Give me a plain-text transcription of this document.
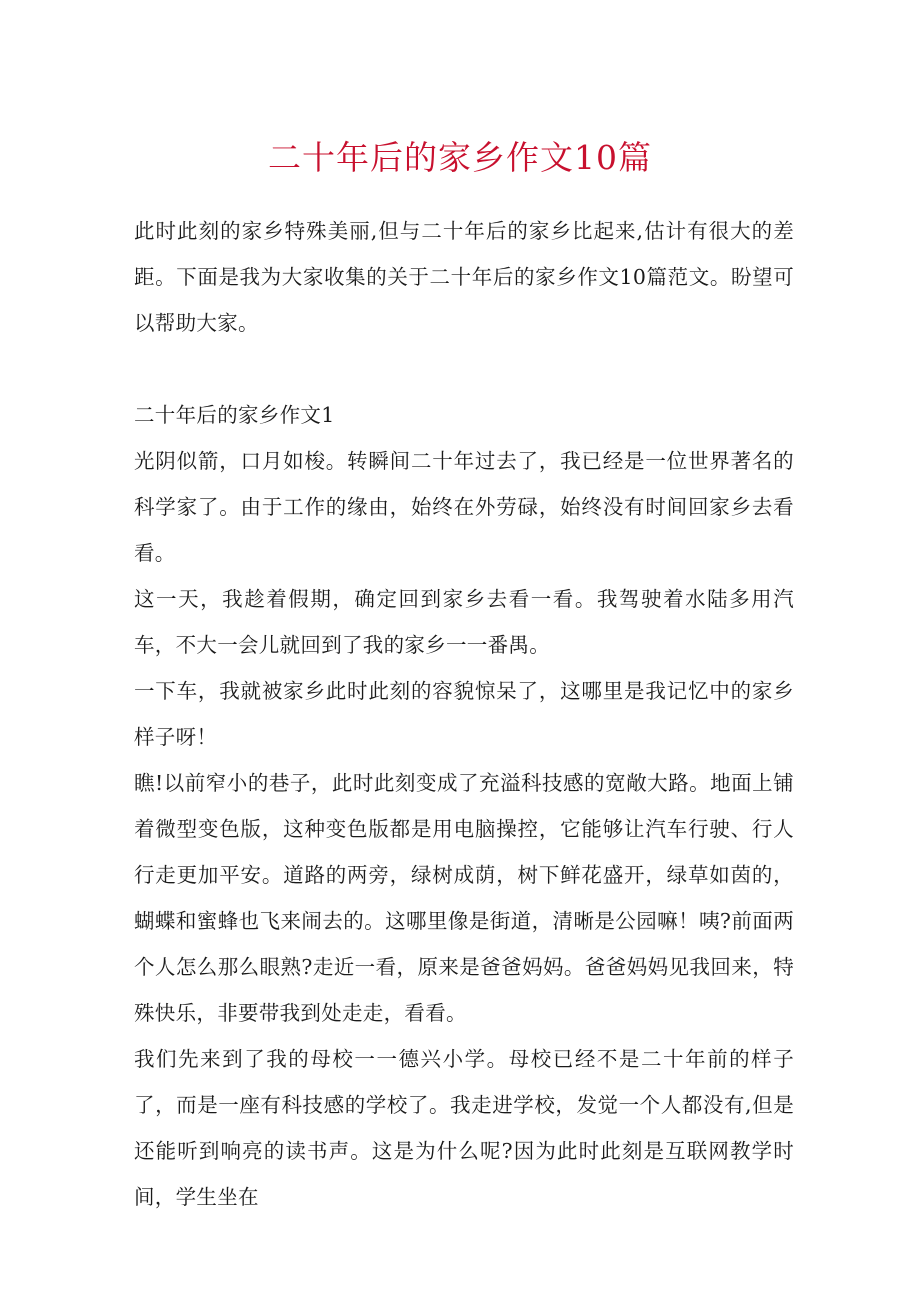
二十年后的家乡作文10篇

此时此刻的家乡特殊美丽,但与二十年后的家乡比起来,估计有很大的差距。下面是我为大家收集的关于二十年后的家乡作文10篇范文。盼望可以帮助大家。

二十年后的家乡作文1

光阴似箭，口月如梭。转瞬间二十年过去了，我已经是一位世界著名的科学家了。由于工作的缘由，始终在外劳碌，始终没有时间回家乡去看看。

这一天，我趁着假期，确定回到家乡去看一看。我驾驶着水陆多用汽车，不大一会儿就回到了我的家乡一一番禺。

一下车，我就被家乡此时此刻的容貌惊呆了，这哪里是我记忆中的家乡样子呀！

瞧!以前窄小的巷子，此时此刻变成了充溢科技感的宽敞大路。地面上铺着微型变色版，这种变色版都是用电脑操控，它能够让汽车行驶、行人行走更加平安。道路的两旁，绿树成荫，树下鲜花盛开，绿草如茵的，蝴蝶和蜜蜂也飞来闹去的。这哪里像是街道，清晰是公园嘛！咦?前面两个人怎么那么眼熟?走近一看，原来是爸爸妈妈。爸爸妈妈见我回来，特殊快乐，非要带我到处走走，看看。

我们先来到了我的母校一一德兴小学。母校已经不是二十年前的样子了，而是一座有科技感的学校了。我走进学校，发觉一个人都没有,但是还能听到响亮的读书声。这是为什么呢?因为此时此刻是互联网教学时间，学生坐在
